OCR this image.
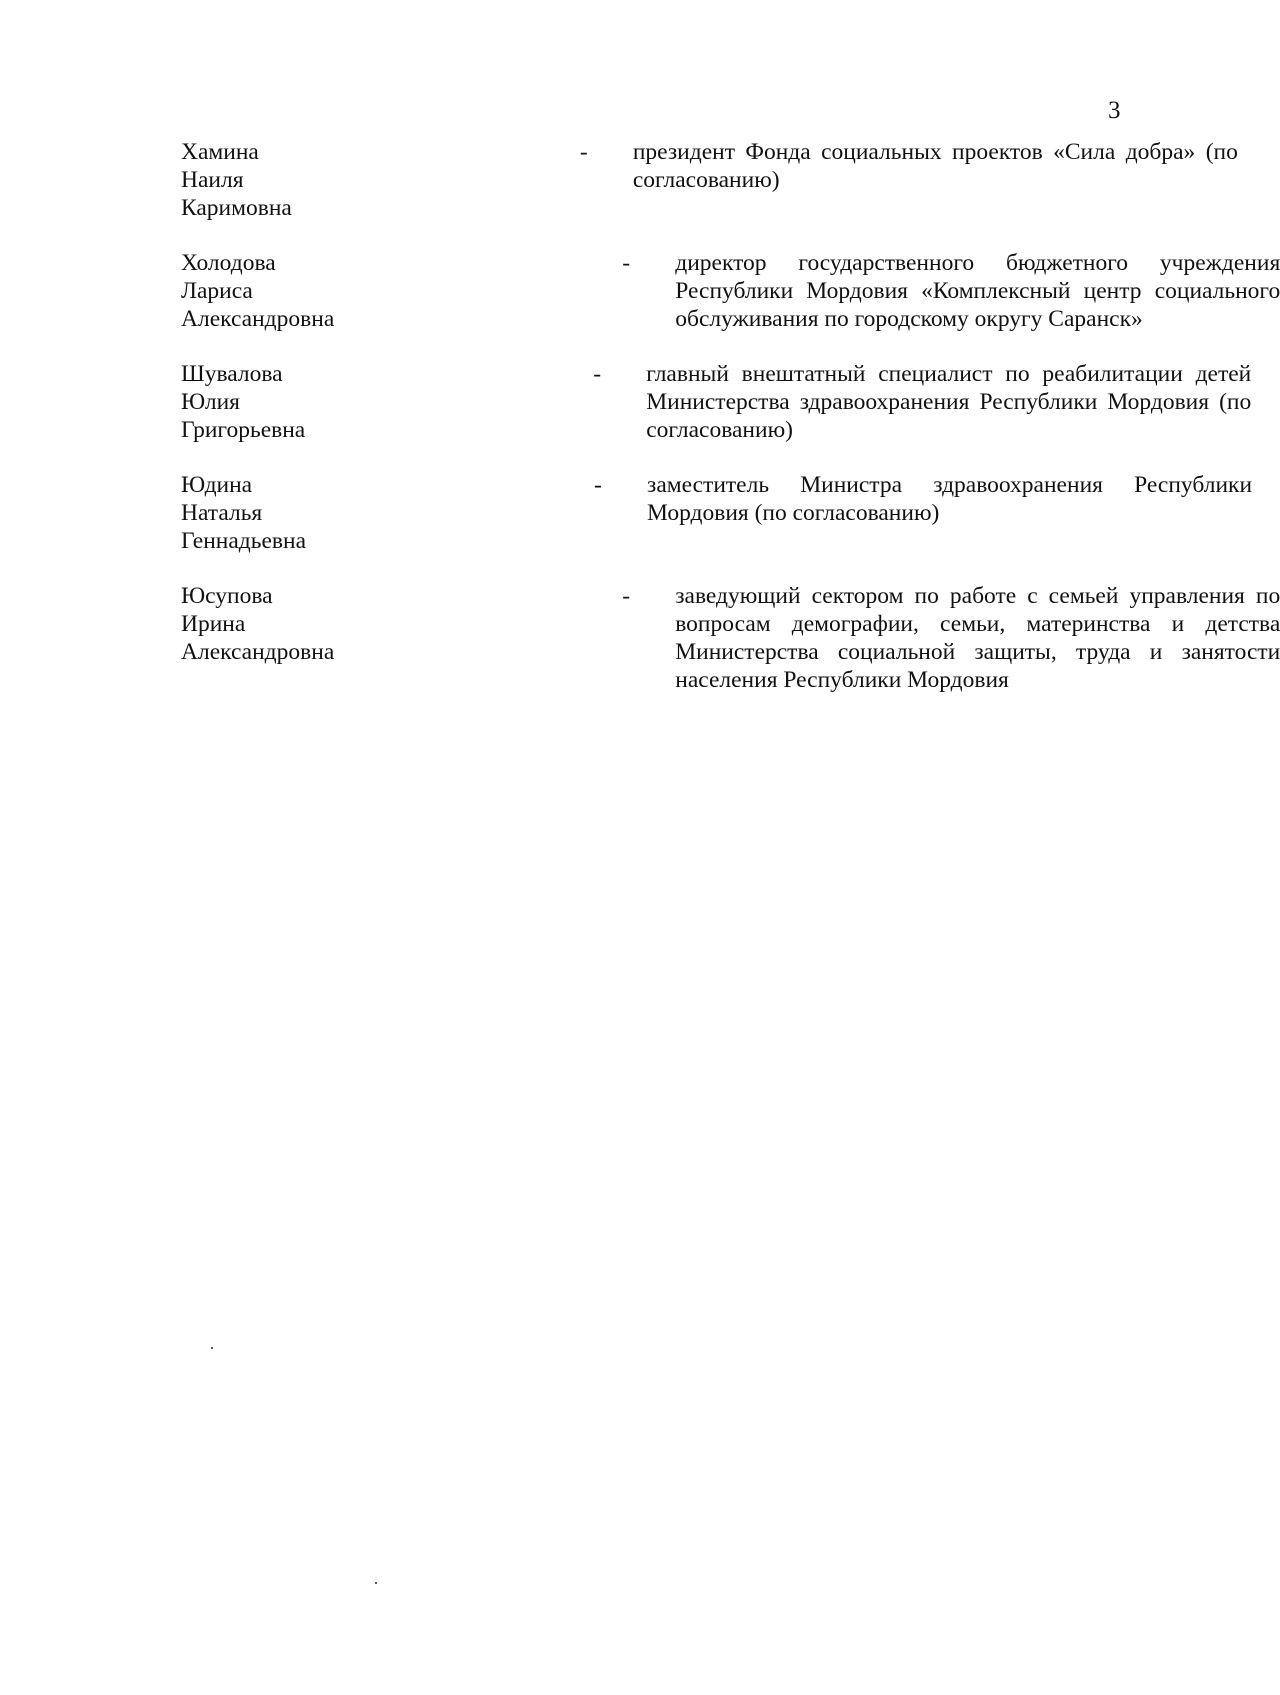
3
Хамина Наиля
Каримовна
- президент Фонда социальных проектов «Сила добра» (по согласованию)
Холодова Лариса
Александровна
- директор государственного бюджетного учреждения Республики Мордовия «Комплексный центр социального обслуживания по городскому округу Саранск»
Шувалова Юлия
Григорьевна
- главный внештатный специалист по реабилитации детей Министерства здравоохранения Республики Мордовия (по согласованию)
Юдина Наталья
Геннадьевна
- заместитель Министра здравоохранения Республики Мордовия (по согласованию)
Юсупова Ирина
Александровна
- заведующий сектором по работе с семьей управления по вопросам демографии, семьи, материнства и детства Министерства социальной защиты, труда и занятости населения Республики Мордовия
